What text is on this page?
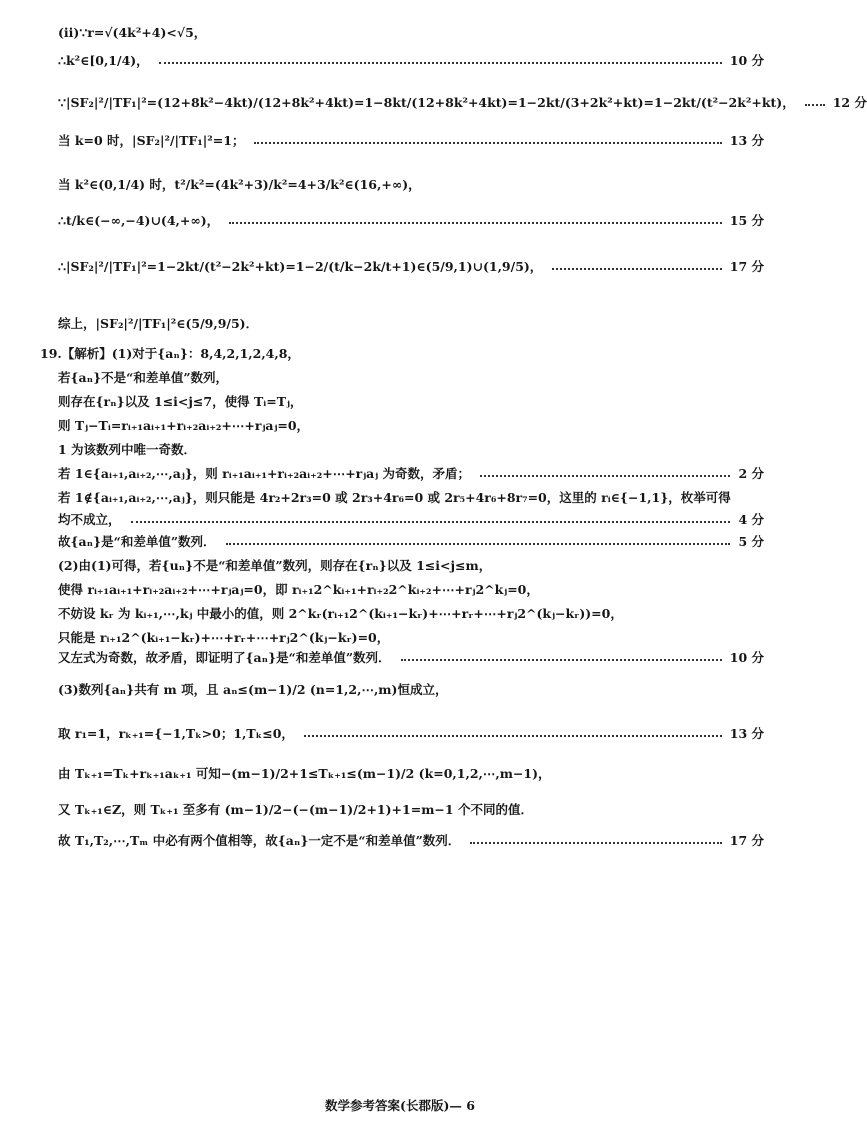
(ⅱ)∵r=√(4k²+4)<√5，
∴k²∈[0,1/4)，	10 分
∵|SF₂|²/|TF₁|²=(12+8k²−4kt)/(12+8k²+4kt)=1−8kt/(12+8k²+4kt)=1−2kt/(3+2k²+kt)=1−2kt/(t²−2k²+kt)，	12 分
当 k=0 时，|SF₂|²/|TF₁|²=1；	13 分
当 k²∈(0,1/4) 时，t²/k²=(4k²+3)/k²=4+3/k²∈(16,+∞)，
∴t/k∈(−∞,−4)∪(4,+∞)，	15 分
∴|SF₂|²/|TF₁|²=1−2kt/(t²−2k²+kt)=1−2/(t/k−2k/t+1)∈(5/9,1)∪(1,9/5)，	17 分
综上，|SF₂|²/|TF₁|²∈(5/9,9/5)．
19.【解析】(1)对于{aₙ}：8,4,2,1,2,4,8，
若{aₙ}不是“和差单值”数列，
则存在{rₙ}以及 1≤i<j≤7，使得 Tᵢ=Tⱼ，
则 Tⱼ−Tᵢ=rᵢ₊₁aᵢ₊₁+rᵢ₊₂aᵢ₊₂+⋯+rⱼaⱼ=0，
1 为该数列中唯一奇数．
若 1∈{aᵢ₊₁,aᵢ₊₂,⋯,aⱼ}，则 rᵢ₊₁aᵢ₊₁+rᵢ₊₂aᵢ₊₂+⋯+rⱼaⱼ 为奇数，矛盾；	2 分
若 1∉{aᵢ₊₁,aᵢ₊₂,⋯,aⱼ}，则只能是 4r₂+2r₃=0 或 2r₃+4r₆=0 或 2r₅+4r₆+8r₇=0，这里的 rᵢ∈{−1,1}，枚举可得
均不成立，	4 分
故{aₙ}是“和差单值”数列．	5 分
(2)由(1)可得，若{uₙ}不是“和差单值”数列，则存在{rₙ}以及 1≤i<j≤m，
使得 rᵢ₊₁aᵢ₊₁+rᵢ₊₂aᵢ₊₂+⋯+rⱼaⱼ=0，即 rᵢ₊₁2^kᵢ₊₁+rᵢ₊₂2^kᵢ₊₂+⋯+rⱼ2^kⱼ=0，
不妨设 kᵣ 为 kᵢ₊₁,⋯,kⱼ 中最小的值，则 2^kᵣ(rᵢ₊₁2^(kᵢ₊₁−kᵣ)+⋯+rᵣ+⋯+rⱼ2^(kⱼ−kᵣ))=0，
只能是 rᵢ₊₁2^(kᵢ₊₁−kᵣ)+⋯+rᵣ+⋯+rⱼ2^(kⱼ−kᵣ)=0，
又左式为奇数，故矛盾，即证明了{aₙ}是“和差单值”数列．	10 分
(3)数列{aₙ}共有 m 项，且 aₙ≤(m−1)/2 (n=1,2,⋯,m)恒成立，
取 r₁=1，rₖ₊₁={−1,Tₖ>0；1,Tₖ≤0，	13 分
由 Tₖ₊₁=Tₖ+rₖ₊₁aₖ₊₁ 可知−(m−1)/2+1≤Tₖ₊₁≤(m−1)/2 (k=0,1,2,⋯,m−1)，
又 Tₖ₊₁∈Z，则 Tₖ₊₁ 至多有 (m−1)/2−(−(m−1)/2+1)+1=m−1 个不同的值．
故 T₁,T₂,⋯,Tₘ 中必有两个值相等，故{aₙ}一定不是“和差单值”数列．	17 分
数学参考答案(长郡版)— 6
